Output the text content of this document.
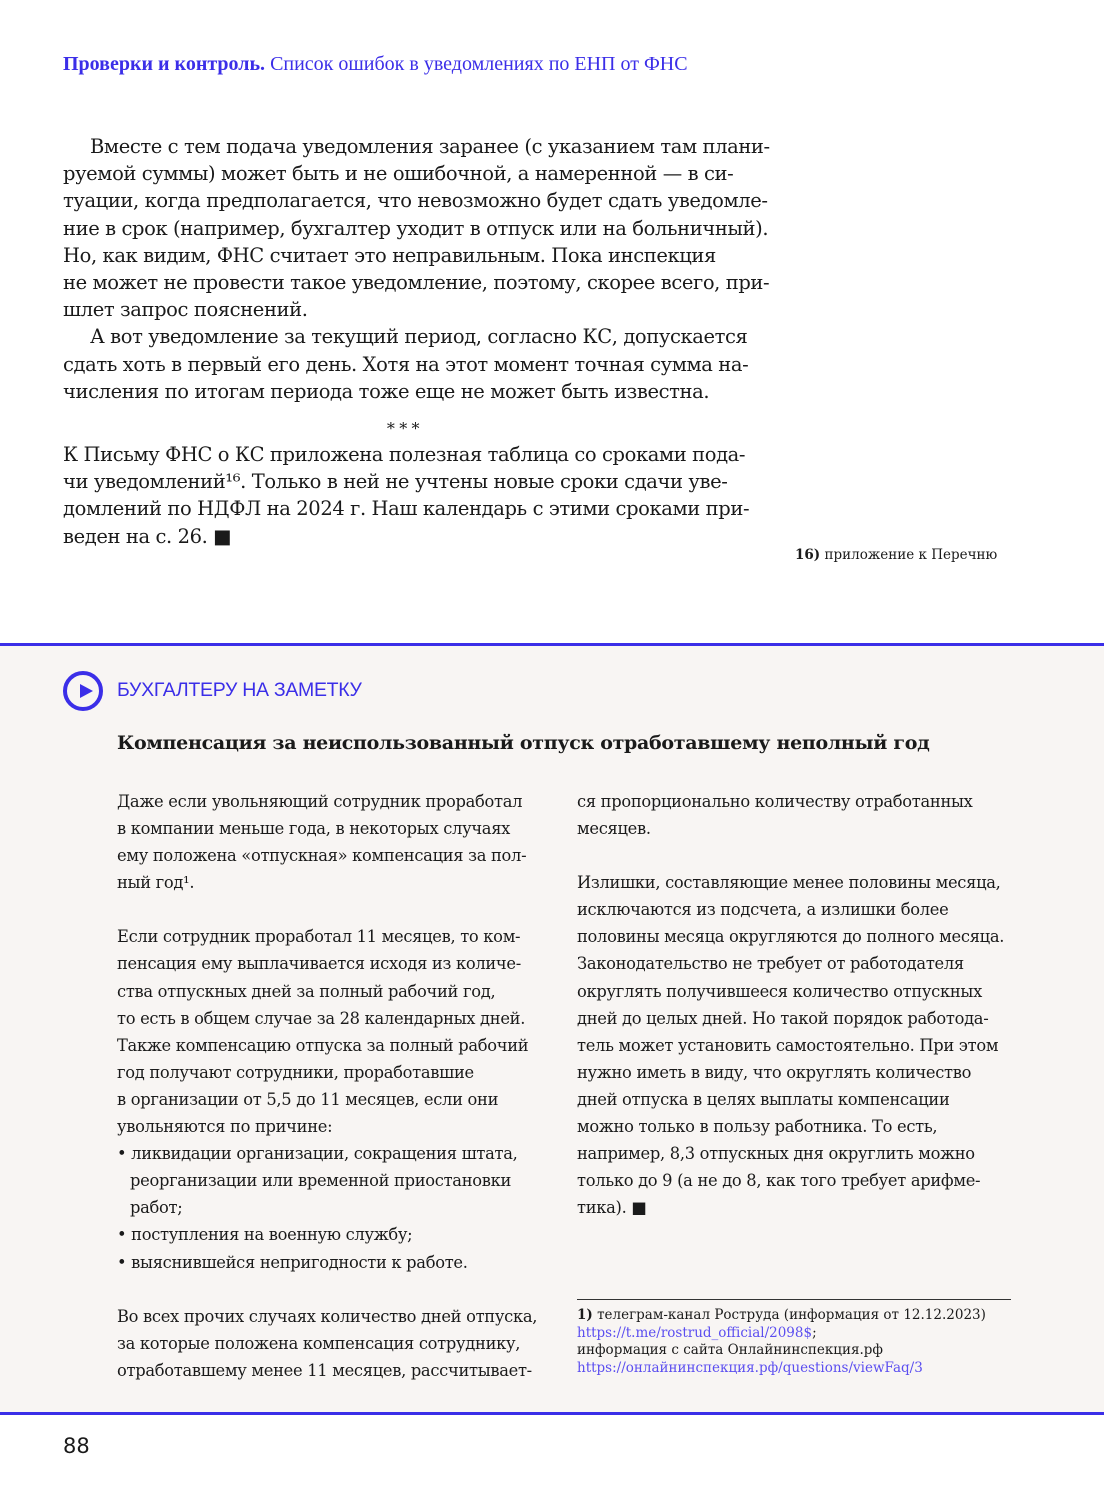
Проверки и контроль. Список ошибок в уведомлениях по ЕНП от ФНС
Вместе с тем подача уведомления заранее (с указанием там плани-
руемой суммы) может быть и не ошибочной, а намеренной — в си-
туации, когда предполагается, что невозможно будет сдать уведомле-
ние в срок (например, бухгалтер уходит в отпуск или на больничный).
Но, как видим, ФНС считает это неправильным. Пока инспекция
не может не провести такое уведомление, поэтому, скорее всего, при-
шлет запрос пояснений.
А вот уведомление за текущий период, согласно КС, допускается
сдать хоть в первый его день. Хотя на этот момент точная сумма на-
числения по итогам периода тоже еще не может быть известна.
* * *
К Письму ФНС о КС приложена полезная таблица со сроками пода-
чи уведомлений¹⁶. Только в ней не учтены новые сроки сдачи уве-
домлений по НДФЛ на 2024 г. Наш календарь с этими сроками при-
веден на с. 26. ■
16) приложение к Перечню
БУХГАЛТЕРУ НА ЗАМЕТКУ
Компенсация за неиспользованный отпуск отработавшему неполный год
Даже если увольняющий сотрудник проработал
в компании меньше года, в некоторых случаях
ему положена «отпускная» компенсация за пол-
ный год¹.
Если сотрудник проработал 11 месяцев, то ком-
пенсация ему выплачивается исходя из количе-
ства отпускных дней за полный рабочий год,
то есть в общем случае за 28 календарных дней.
Также компенсацию отпуска за полный рабочий
год получают сотрудники, проработавшие
в организации от 5,5 до 11 месяцев, если они
увольняются по причине:
• ликвидации организации, сокращения штата,
реорганизации или временной приостановки
работ;
• поступления на военную службу;
• выяснившейся непригодности к работе.
Во всех прочих случаях количество дней отпуска,
за которые положена компенсация сотруднику,
отработавшему менее 11 месяцев, рассчитывает-
ся пропорционально количеству отработанных
месяцев.
Излишки, составляющие менее половины месяца,
исключаются из подсчета, а излишки более
половины месяца округляются до полного месяца.
Законодательство не требует от работодателя
округлять получившееся количество отпускных
дней до целых дней. Но такой порядок работода-
тель может установить самостоятельно. При этом
нужно иметь в виду, что округлять количество
дней отпуска в целях выплаты компенсации
можно только в пользу работника. То есть,
например, 8,3 отпускных дня округлить можно
только до 9 (а не до 8, как того требует арифме-
тика). ■
1) телеграм-канал Роструда (информация от 12.12.2023)
https://t.me/rostrud_official/2098$;
информация с сайта Онлайнинспекция.рф
https://онлайнинспекция.рф/questions/viewFaq/3
88
